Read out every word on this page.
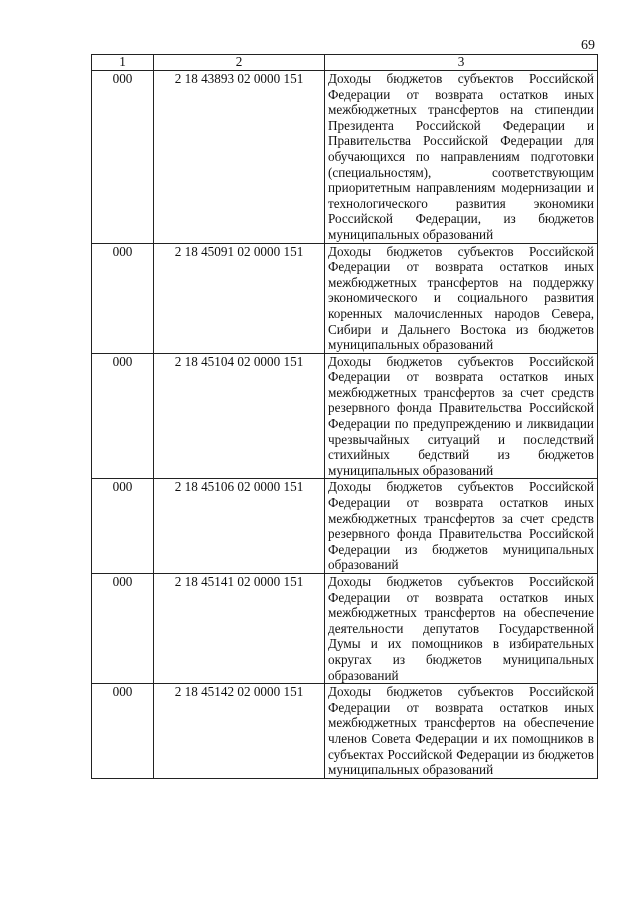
69
1	2	3
000	2 18 43893 02 0000 151	Доходы бюджетов субъектов Российской Федерации от возврата остатков иных межбюджетных трансфертов на стипендии Президента Российской Федерации и Правительства Российской Федерации для обучающихся по направлениям подготовки (специальностям), соответствующим приоритетным направлениям модернизации и технологического развития экономики Российской Федерации, из бюджетов муниципальных образований
000	2 18 45091 02 0000 151	Доходы бюджетов субъектов Российской Федерации от возврата остатков иных межбюджетных трансфертов на поддержку экономического и социального развития коренных малочисленных народов Севера, Сибири и Дальнего Востока из бюджетов муниципальных образований
000	2 18 45104 02 0000 151	Доходы бюджетов субъектов Российской Федерации от возврата остатков иных межбюджетных трансфертов за счет средств резервного фонда Правительства Российской Федерации по предупреждению и ликвидации чрезвычайных ситуаций и последствий стихийных бедствий из бюджетов муниципальных образований
000	2 18 45106 02 0000 151	Доходы бюджетов субъектов Российской Федерации от возврата остатков иных межбюджетных трансфертов за счет средств резервного фонда Правительства Российской Федерации из бюджетов муниципальных образований
000	2 18 45141 02 0000 151	Доходы бюджетов субъектов Российской Федерации от возврата остатков иных межбюджетных трансфертов на обеспечение деятельности депутатов Государственной Думы и их помощников в избирательных округах из бюджетов муниципальных образований
000	2 18 45142 02 0000 151	Доходы бюджетов субъектов Российской Федерации от возврата остатков иных межбюджетных трансфертов на обеспечение членов Совета Федерации и их помощников в субъектах Российской Федерации из бюджетов муниципальных образований
